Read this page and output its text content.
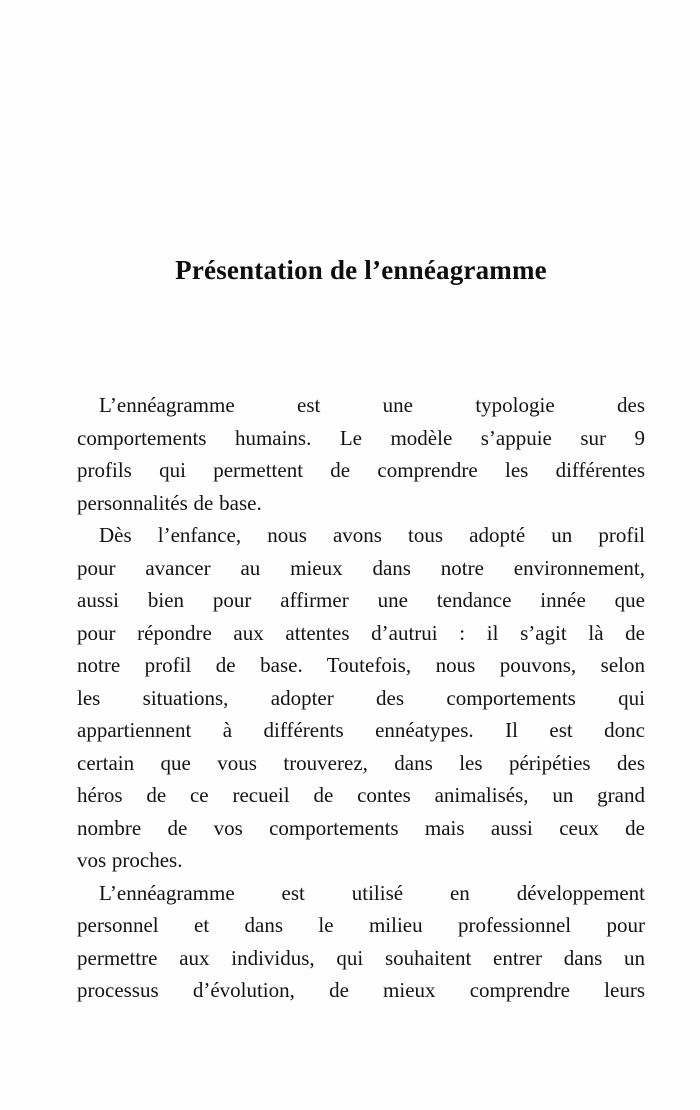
Présentation de l’ennéagramme
L’ennéagramme est une typologie des
comportements humains. Le modèle s’appuie sur 9
profils qui permettent de comprendre les différentes
personnalités de base.
Dès l’enfance, nous avons tous adopté un profil
pour avancer au mieux dans notre environnement,
aussi bien pour affirmer une tendance innée que
pour répondre aux attentes d’autrui : il s’agit là de
notre profil de base. Toutefois, nous pouvons, selon
les situations, adopter des comportements qui
appartiennent à différents ennéatypes. Il est donc
certain que vous trouverez, dans les péripéties des
héros de ce recueil de contes animalisés, un grand
nombre de vos comportements mais aussi ceux de
vos proches.
L’ennéagramme est utilisé en développement
personnel et dans le milieu professionnel pour
permettre aux individus, qui souhaitent entrer dans un
processus d’évolution, de mieux comprendre leurs
